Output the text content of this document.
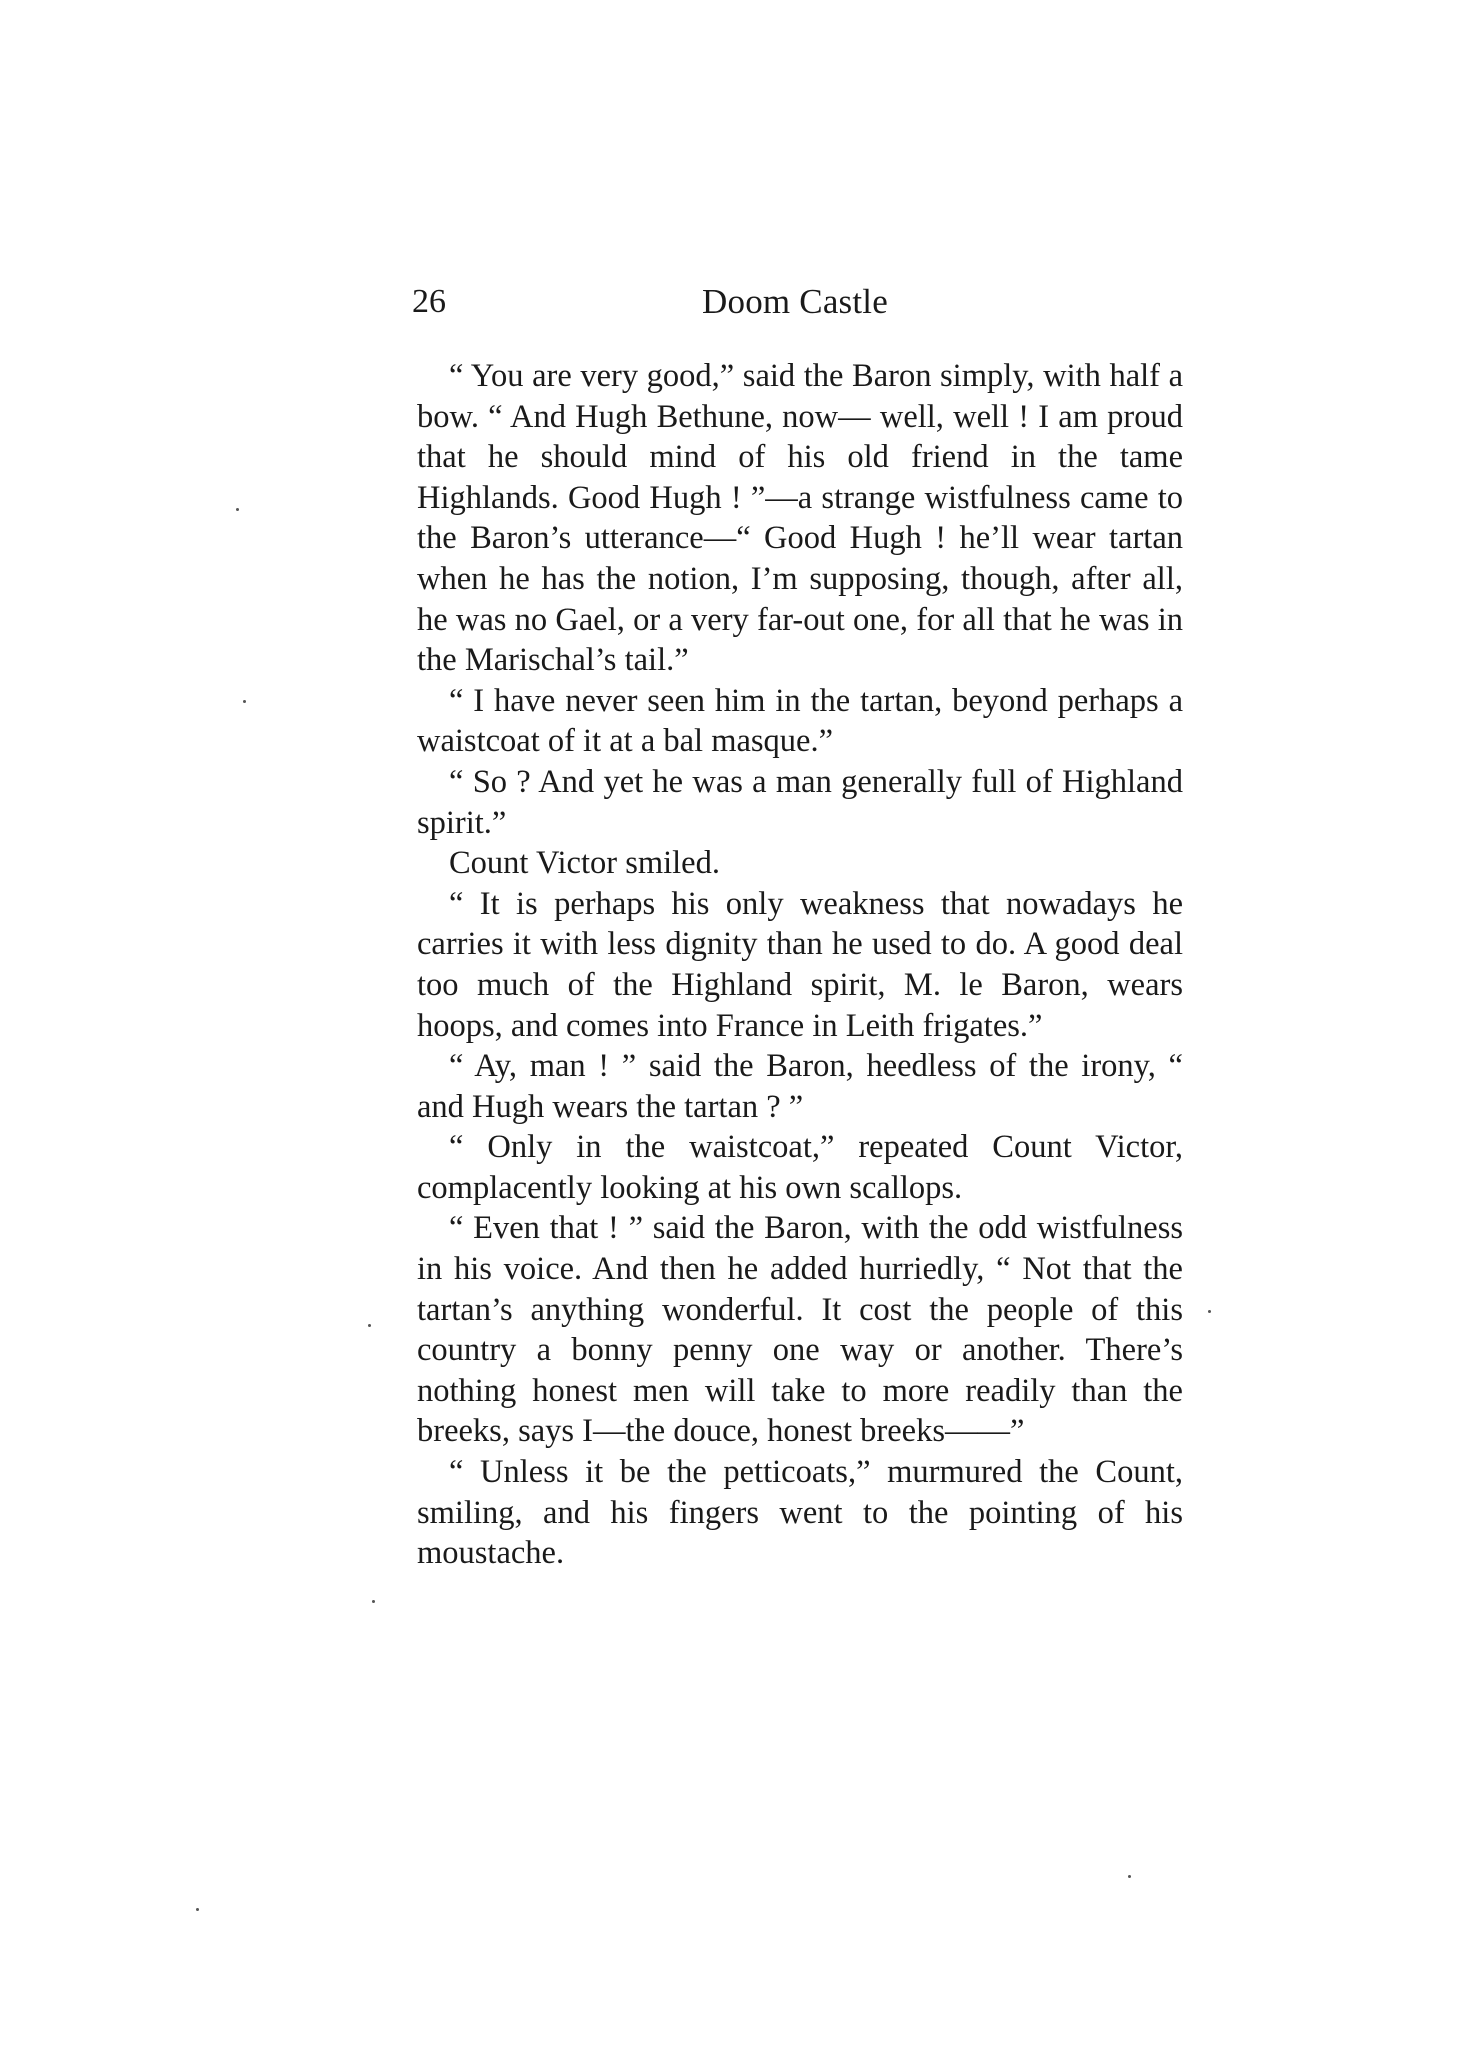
26	Doom Castle

“ You are very good,” said the Baron simply, with half a bow. “ And Hugh Bethune, now— well, well ! I am proud that he should mind of his old friend in the tame Highlands. Good Hugh ! ”—a strange wistfulness came to the Baron’s utterance—“ Good Hugh ! he’ll wear tartan when he has the notion, I’m supposing, though, after all, he was no Gael, or a very far-out one, for all that he was in the Marischal’s tail.”

“ I have never seen him in the tartan, beyond perhaps a waistcoat of it at a bal masque.”

“ So ? And yet he was a man generally full of Highland spirit.”

Count Victor smiled.

“ It is perhaps his only weakness that nowadays he carries it with less dignity than he used to do. A good deal too much of the Highland spirit, M. le Baron, wears hoops, and comes into France in Leith frigates.”

“ Ay, man ! ” said the Baron, heedless of the irony, “ and Hugh wears the tartan ? ”

“ Only in the waistcoat,” repeated Count Victor, complacently looking at his own scallops.

“ Even that ! ” said the Baron, with the odd wistfulness in his voice. And then he added hurriedly, “ Not that the tartan’s anything wonderful. It cost the people of this country a bonny penny one way or another. There’s nothing honest men will take to more readily than the breeks, says I—the douce, honest breeks——”

“ Unless it be the petticoats,” murmured the Count, smiling, and his fingers went to the pointing of his moustache.
